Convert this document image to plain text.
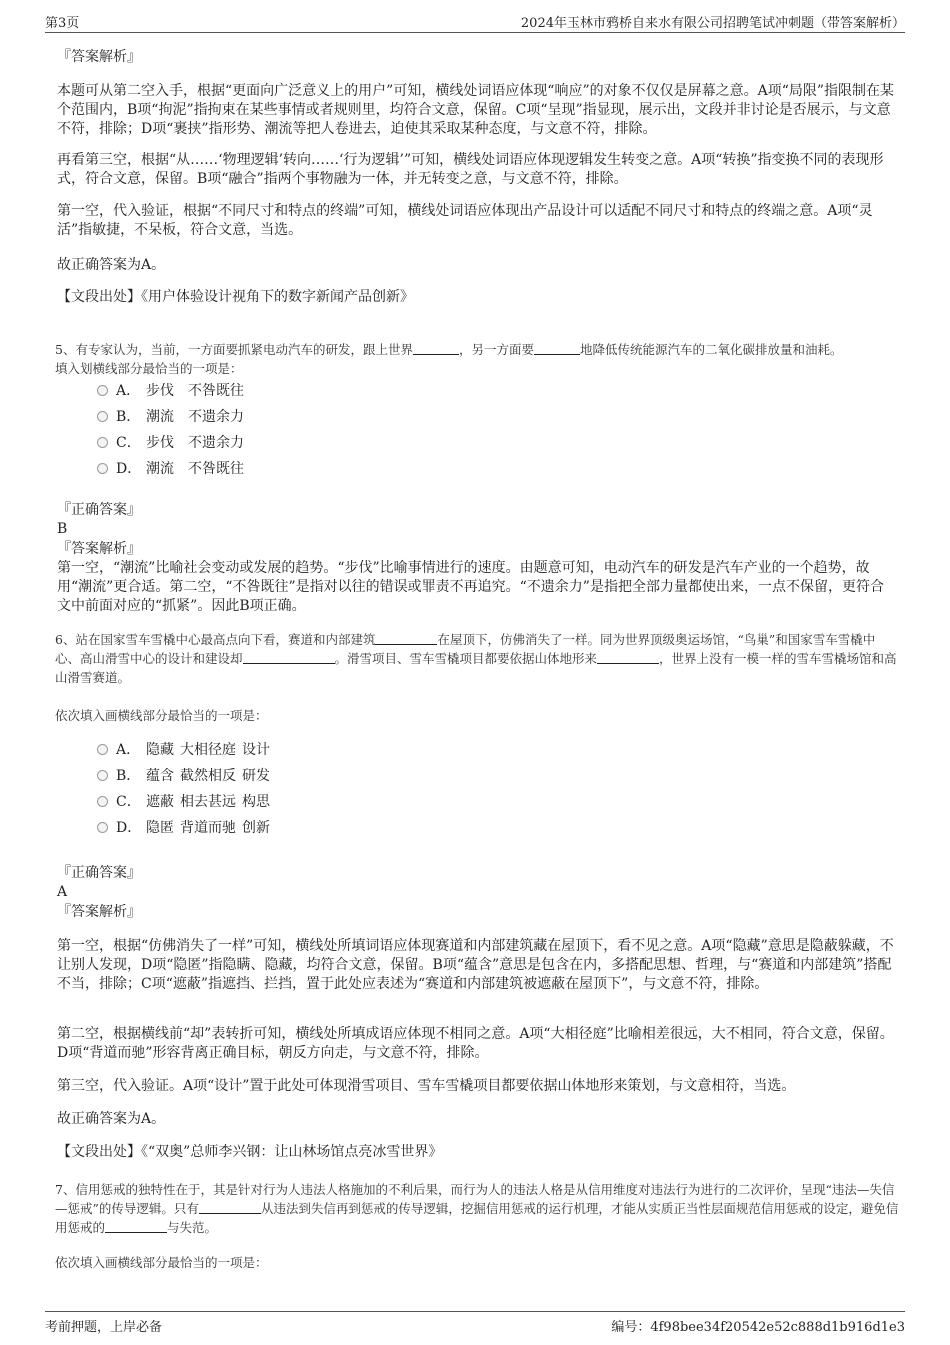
第3页	2024年玉林市鸦桥自来水有限公司招聘笔试冲刺题（带答案解析）

『答案解析』

本题可从第二空入手，根据“更面向广泛意义上的用户”可知，横线处词语应体现“响应”的对象不仅仅是屏幕之意。A项“局限”指限制在某个范围内，B项“拘泥”指拘束在某些事情或者规则里，均符合文意，保留。C项“呈现”指显现，展示出，文段并非讨论是否展示，与文意不符，排除；D项“裹挟”指形势、潮流等把人卷进去，迫使其采取某种态度，与文意不符，排除。

再看第三空，根据“从……‘物理逻辑’转向……‘行为逻辑’”可知，横线处词语应体现逻辑发生转变之意。A项“转换”指变换不同的表现形式，符合文意，保留。B项“融合”指两个事物融为一体，并无转变之意，与文意不符，排除。

第一空，代入验证，根据“不同尺寸和特点的终端”可知，横线处词语应体现出产品设计可以适配不同尺寸和特点的终端之意。A项“灵活”指敏捷，不呆板，符合文意，当选。

故正确答案为A。

【文段出处】《用户体验设计视角下的数字新闻产品创新》

5、有专家认为，当前，一方面要抓紧电动汽车的研发，跟上世界	，另一方面要	地降低传统能源汽车的二氧化碳排放量和油耗。
填入划横线部分最恰当的一项是：

A． 步伐 不咎既往
B． 潮流 不遗余力
C． 步伐 不遗余力
D． 潮流 不咎既往

『正确答案』

B

『答案解析』

第一空，“潮流”比喻社会变动或发展的趋势。“步伐”比喻事情进行的速度。由题意可知，电动汽车的研发是汽车产业的一个趋势，故用“潮流”更合适。第二空，“不咎既往”是指对以往的错误或罪责不再追究。“不遗余力”是指把全部力量都使出来，一点不保留，更符合文中前面对应的“抓紧”。因此B项正确。

6、站在国家雪车雪橇中心最高点向下看，赛道和内部建筑	在屋顶下，仿佛消失了一样。同为世界顶级奥运场馆，“鸟巢”和国家雪车雪橇中心、高山滑雪中心的设计和建设却	。滑雪项目、雪车雪橇项目都要依据山体地形来	，世界上没有一模一样的雪车雪橇场馆和高山滑雪赛道。

依次填入画横线部分最恰当的一项是：

A． 隐藏 大相径庭 设计
B． 蕴含 截然相反 研发
C． 遮蔽 相去甚远 构思
D． 隐匿 背道而驰 创新

『正确答案』

A

『答案解析』

第一空，根据“仿佛消失了一样”可知，横线处所填词语应体现赛道和内部建筑藏在屋顶下，看不见之意。A项“隐藏”意思是隐蔽躲藏，不让别人发现，D项“隐匿”指隐瞒、隐藏，均符合文意，保留。B项“蕴含”意思是包含在内，多搭配思想、哲理，与“赛道和内部建筑”搭配不当，排除；C项“遮蔽”指遮挡、拦挡，置于此处应表述为“赛道和内部建筑被遮蔽在屋顶下”，与文意不符，排除。

第二空，根据横线前“却”表转折可知，横线处所填成语应体现不相同之意。A项“大相径庭”比喻相差很远，大不相同，符合文意，保留。D项“背道而驰”形容背离正确目标，朝反方向走，与文意不符，排除。

第三空，代入验证。A项“设计”置于此处可体现滑雪项目、雪车雪橇项目都要依据山体地形来策划，与文意相符，当选。

故正确答案为A。

【文段出处】《“双奥”总师李兴钢：让山林场馆点亮冰雪世界》

7、信用惩戒的独特性在于，其是针对行为人违法人格施加的不利后果，而行为人的违法人格是从信用维度对违法行为进行的二次评价，呈现“违法—失信—惩戒”的传导逻辑。只有	从违法到失信再到惩戒的传导逻辑，挖掘信用惩戒的运行机理，才能从实质正当性层面规范信用惩戒的设定，避免信用惩戒的	与失范。

依次填入画横线部分最恰当的一项是：

考前押题，上岸必备	编号：4f98bee34f20542e52c888d1b916d1e3
